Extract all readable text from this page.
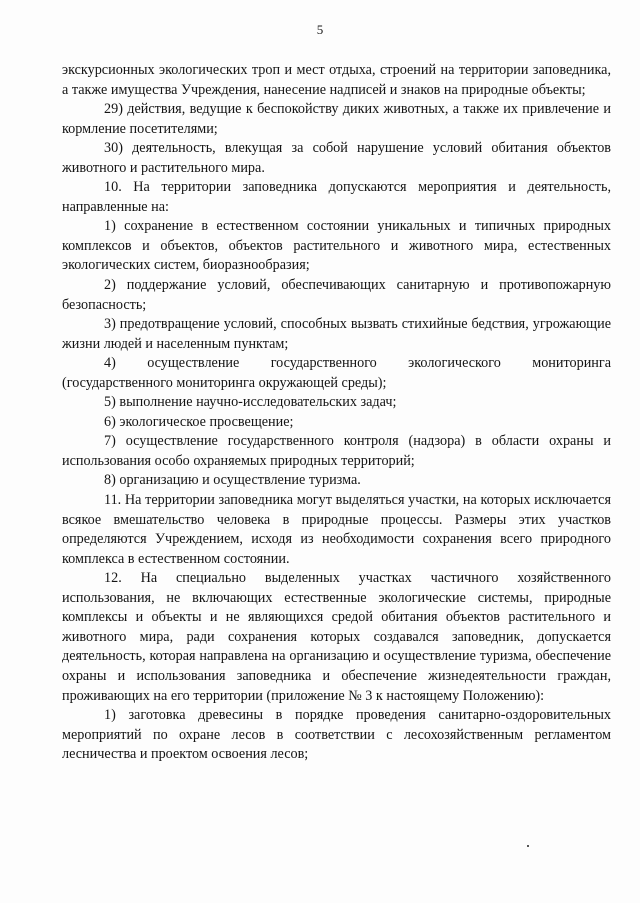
5

экскурсионных экологических троп и мест отдыха, строений на территории заповедника, а также имущества Учреждения, нанесение надписей и знаков на природные объекты;

29) действия, ведущие к беспокойству диких животных, а также их привлечение и кормление посетителями;

30) деятельность, влекущая за собой нарушение условий обитания объектов животного и растительного мира.

10. На территории заповедника допускаются мероприятия и деятельность, направленные на:

1) сохранение в естественном состоянии уникальных и типичных природных комплексов и объектов, объектов растительного и животного мира, естественных экологических систем, биоразнообразия;

2) поддержание условий, обеспечивающих санитарную и противопожарную безопасность;

3) предотвращение условий, способных вызвать стихийные бедствия, угрожающие жизни людей и населенным пунктам;

4) осуществление государственного экологического мониторинга (государственного мониторинга окружающей среды);

5) выполнение научно-исследовательских задач;

6) экологическое просвещение;

7) осуществление государственного контроля (надзора) в области охраны и использования особо охраняемых природных территорий;

8) организацию и осуществление туризма.

11. На территории заповедника могут выделяться участки, на которых исключается всякое вмешательство человека в природные процессы. Размеры этих участков определяются Учреждением, исходя из необходимости сохранения всего природного комплекса в естественном состоянии.

12. На специально выделенных участках частичного хозяйственного использования, не включающих естественные экологические системы, природные комплексы и объекты и не являющихся средой обитания объектов растительного и животного мира, ради сохранения которых создавался заповедник, допускается деятельность, которая направлена на организацию и осуществление туризма, обеспечение охраны и использования заповедника и обеспечение жизнедеятельности граждан, проживающих на его территории (приложение № 3 к настоящему Положению):

1) заготовка древесины в порядке проведения санитарно-оздоровительных мероприятий по охране лесов в соответствии с лесохозяйственным регламентом лесничества и проектом освоения лесов;
